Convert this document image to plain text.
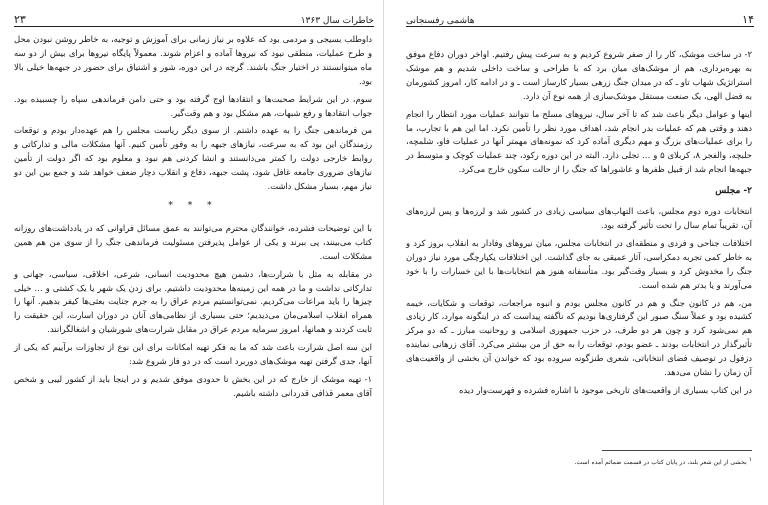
خاطرات سال ۱۳۶۳
۲۳

داوطلب بسیجی و مردمی بود که علاوه بر نیاز زمانی برای آموزش و توجیه، به خاطر روشن نبودن محل و طرح عملیات، منطقی نبود که نیروها آماده و اعزام شوند. معمولاً پایگاه نیروها برای بیش از دو سه ماه میتوانستند در اختیار جنگ باشند. گرچه در این دوره، شور و اشتیاق برای حضور در جبهه‌ها خیلی بالا بود.

سوم، در این شرایط صحبت‌ها و انتقادها اوج گرفته بود و حتی دامن فرماندهی سپاه را چسبیده بود. جواب انتقادها و رفع شبهات، هم مشکل بود و هم وقت‌گیر.

من فرماندهی جنگ را به عهده داشتم. از سوی دیگر ریاست مجلس را هم عهده‌دار بودم و توقعات رزمندگان این بود که به سرعت، نیازهای جبهه را به وفور تأمین کنیم. آنها مشکلات مالی و تدارکاتی و روابط خارجی دولت را کمتر می‌دانستند و انشا کردنی هم نبود و معلوم بود که اگر دولت از تأمین نیازهای ضروری جامعه غافل شود، پشت جبهه، دفاع و انقلاب دچار ضعف خواهد شد و جمع بین این دو نیاز مهم، بسیار مشکل داشت.

* * *

با این توضیحات فشرده، خوانندگان محترم می‌توانند به عمق مسائل فراوانی که در یادداشت‌های روزانه کتاب می‌بینند، پی ببرند و یکی از عوامل پذیرفتن مسئولیت فرماندهی جنگ را از سوی من هم همین مشکلات است.

در مقابله به مثل با شرارت‌ها، دشمن هیچ محدودیت انسانی، شرعی، اخلاقی، سیاسی، جهانی و تدارکاتی نداشت و ما در همه این زمینه‌ها محدودیت داشتیم. برای زدن یک شهر یا یک کشتی و … خیلی چیزها را باید مراعات می‌کردیم. نمی‌توانستیم مردم عراق را به جرم جنایت بعثی‌ها کیفر بدهیم. آنها را همراه انقلاب اسلامی‌مان می‌دیدیم؛ حتی بسیاری از نظامی‌های آنان در دوران اسارت، این حقیقت را ثابت کردند و همانها، امروز سرمایه مردم عراق در مقابل شرارت‌های شورشیان و اشغالگرانند.

این سه اصل شرارت باعث شد که ما به فکر تهیه امکانات برای این نوع از تجاوزات برآییم که یکی از آنها، جدی گرفتن تهیه موشک‌های دوربرد است که در دو فاز شروع شد:

۱- تهیه موشک از خارج که در این بخش تا حدودی موفق شدیم و در اینجا باید از کشور لیبی و شخص آقای معمر قذافی قدردانی داشته باشیم.

۱۴
هاشمی رفسنجانی

۲- در ساخت موشک، کار را از صفر شروع کردیم و به سرعت پیش رفتیم. اواخر دوران دفاع موفق به بهره‌برداری، هم از موشک‌های میان برد که با طراحی و ساخت داخلی شدیم و هم موشک استراتژیک شهاب تاو ـ که در میدان جنگ زرهی بسیار کارساز است ـ و در ادامه کار، امروز کشورمان به فضل الهی، یک صنعت مستقل موشک‌سازی از همه نوع آن دارد.

اینها و عوامل دیگر باعث شد که تا آخر سال، نیروهای مسلح ما نتوانند عملیات مورد انتظار را انجام دهند و وقتی هم که عملیات بدر انجام شد، اهداف مورد نظر را تأمین نکرد. اما این هم با تجارب، ما را برای عملیات‌های بزرگ و مهم دیگری آماده کرد که نمونه‌های مهمتر آنها در عملیات فاو، شلمچه، حلبچه، والفجر ۸، کربلای ۵ و … تجلی دارد. البته در این دوره رکود، چند عملیات کوچک و متوسط در جبهه‌ها انجام شد از قبیل ظفرها و عاشوراها که جنگ را از حالت سکون خارج می‌کرد.

۲- مجلس

انتخابات دوره دوم مجلس، باعث التهاب‌های سیاسی زیادی در کشور شد و لرزه‌ها و پس لرزه‌های آن، تقریباً تمام سال را تحت تأثیر گرفته بود.

اختلافات جناحی و فردی و منطقه‌ای در انتخابات مجلس، میان نیروهای وفادار به انقلاب بروز کرد و به خاطر کمی تجربه دمکراسی، آثار عمیقی به جای گذاشت. این اختلافات یکپارچگی مورد نیاز دوران جنگ را مخدوش کرد و بسیار وقت‌گیر بود. متأسفانه هنوز هم انتخابات‌ها با این خسارات را با خود می‌آورند و یا بدتر هم شده است.

من، هم در کانون جنگ و هم در کانون مجلس بودم و انبوه مراجعات، توقعات و شکایات، خیمه کشیده بود و عملاً سنگ صبور این گرفتاری‌ها بودیم که ناگفته پیداست که در اینگونه موارد، کار زیادی هم نمی‌شود کرد و چون هر دو طرف، در حزب جمهوری اسلامی و روحانیت مبارز ـ که دو مرکز تأثیرگذار در انتخابات بودند ـ عضو بودم، توقعات را به حق از من بیشتر می‌کرد. آقای زرهانی نماینده دزفول در توصیف فضای انتخاباتی، شعری طنزگونه سروده بود که خواندن آن بخشی از واقعیت‌های آن زمان را نشان می‌دهد.

در این کتاب بسیاری از واقعیت‌های تاریخی موجود با اشاره فشرده و فهرست‌وار دیده

۱ بخشی از این شعر بلند، در پایان کتاب در قسمت ضمائم آمده است.
